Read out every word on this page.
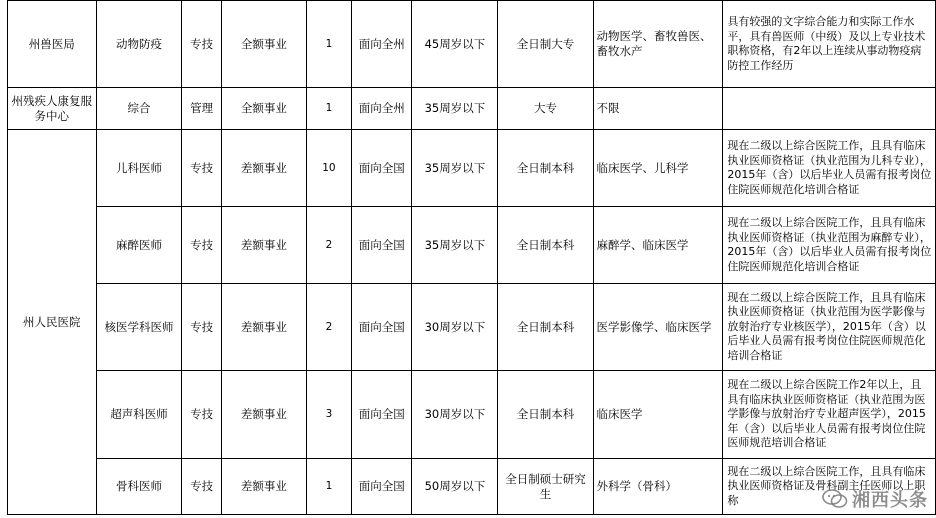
州兽医局	动物防疫	专技	全额事业	1	面向全州	45周岁以下	全日制大专	动物医学、畜牧兽医、畜牧水产	具有较强的文字综合能力和实际工作水平，具有兽医师（中级）及以上专业技术职称资格，有2年以上连续从事动物疫病防控工作经历
州残疾人康复服务中心	综合	管理	全额事业	1	面向全州	35周岁以下	大专	不限	
州人民医院	儿科医师	专技	差额事业	10	面向全国	35周岁以下	全日制本科	临床医学、儿科学	现在二级以上综合医院工作，且具有临床执业医师资格证（执业范围为儿科专业），2015年（含）以后毕业人员需有报考岗位住院医师规范化培训合格证
	麻醉医师	专技	差额事业	2	面向全国	35周岁以下	全日制本科	麻醉学、临床医学	现在二级以上综合医院工作，且具有临床执业医师资格证（执业范围为麻醉专业），2015年（含）以后毕业人员需有报考岗位住院医师规范化培训合格证
	核医学科医师	专技	差额事业	2	面向全国	30周岁以下	全日制本科	医学影像学、临床医学	现在二级以上综合医院工作，且具有临床执业医师资格证（执业范围为医学影像与放射治疗专业核医学），2015年（含）以后毕业人员需有报考岗位住院医师规范化培训合格证
	超声科医师	专技	差额事业	3	面向全国	30周岁以下	全日制本科	临床医学	现在二级以上综合医院工作2年以上，且具有临床执业医师资格证（执业范围为医学影像与放射治疗专业超声医学），2015年（含）以后毕业人员需有报考岗位住院医师规范培训合格证
	骨科医师	专技	差额事业	1	面向全国	50周岁以下	全日制硕士研究生	外科学（骨科）	现在二级以上综合医院工作，且具有临床执业医师资格证及骨科副主任医师以上职称	湘西头条
